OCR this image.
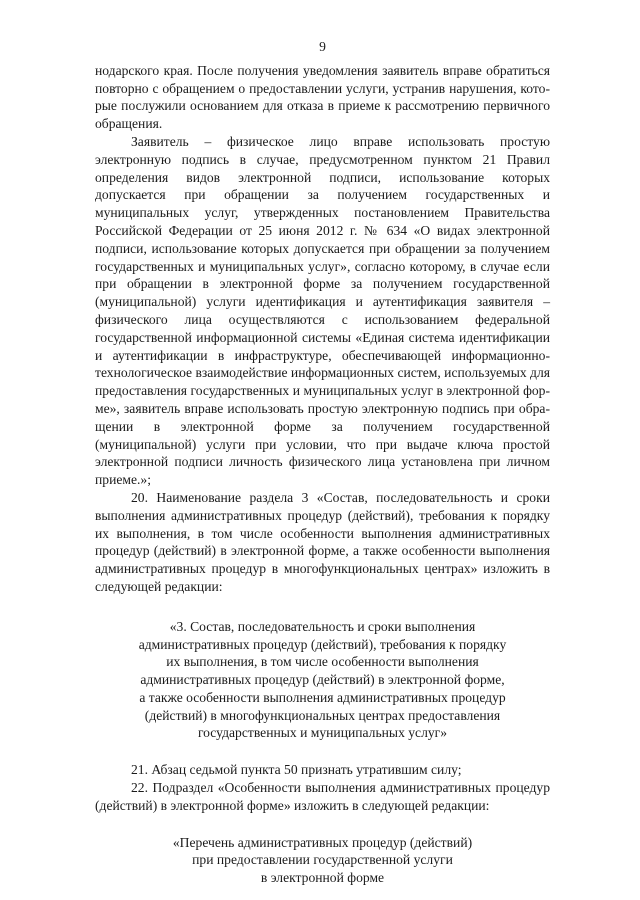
9

нодарского края. После получения уведомления заявитель вправе обратиться повторно с обращением о предоставлении услуги, устранив нарушения, которые послужили основанием для отказа в приеме к рассмотрению первичного обращения.

Заявитель – физическое лицо вправе использовать простую электронную подпись в случае, предусмотренном пунктом 21 Правил определения видов электронной подписи, использование которых допускается при обращении за получением государственных и муниципальных услуг, утвержденных постановлением Правительства Российской Федерации от 25 июня 2012 г. № 634 «О видах электронной подписи, использование которых допускается при обращении за получением государственных и муниципальных услуг», согласно которому, в случае если при обращении в электронной форме за получением государственной (муниципальной) услуги идентификация и аутентификация заявителя – физического лица осуществляются с использованием федеральной государственной информационной системы «Единая система идентификации и аутентификации в инфраструктуре, обеспечивающей информационно-технологическое взаимодействие информационных систем, используемых для предоставления государственных и муниципальных услуг в электронной форме», заявитель вправе использовать простую электронную подпись при обращении в электронной форме за получением государственной (муниципальной) услуги при условии, что при выдаче ключа простой электронной подписи личность физического лица установлена при личном приеме.»;

20. Наименование раздела 3 «Состав, последовательность и сроки выполнения административных процедур (действий), требования к порядку их выполнения, в том числе особенности выполнения административных процедур (действий) в электронной форме, а также особенности выполнения административных процедур в многофункциональных центрах» изложить в следующей редакции:

«3. Состав, последовательность и сроки выполнения
административных процедур (действий), требования к порядку
их выполнения, в том числе особенности выполнения
административных процедур (действий) в электронной форме,
а также особенности выполнения административных процедур
(действий) в многофункциональных центрах предоставления
государственных и муниципальных услуг»

21. Абзац седьмой пункта 50 признать утратившим силу;

22. Подраздел «Особенности выполнения административных процедур (действий) в электронной форме» изложить в следующей редакции:

«Перечень административных процедур (действий)
при предоставлении государственной услуги
в электронной форме
